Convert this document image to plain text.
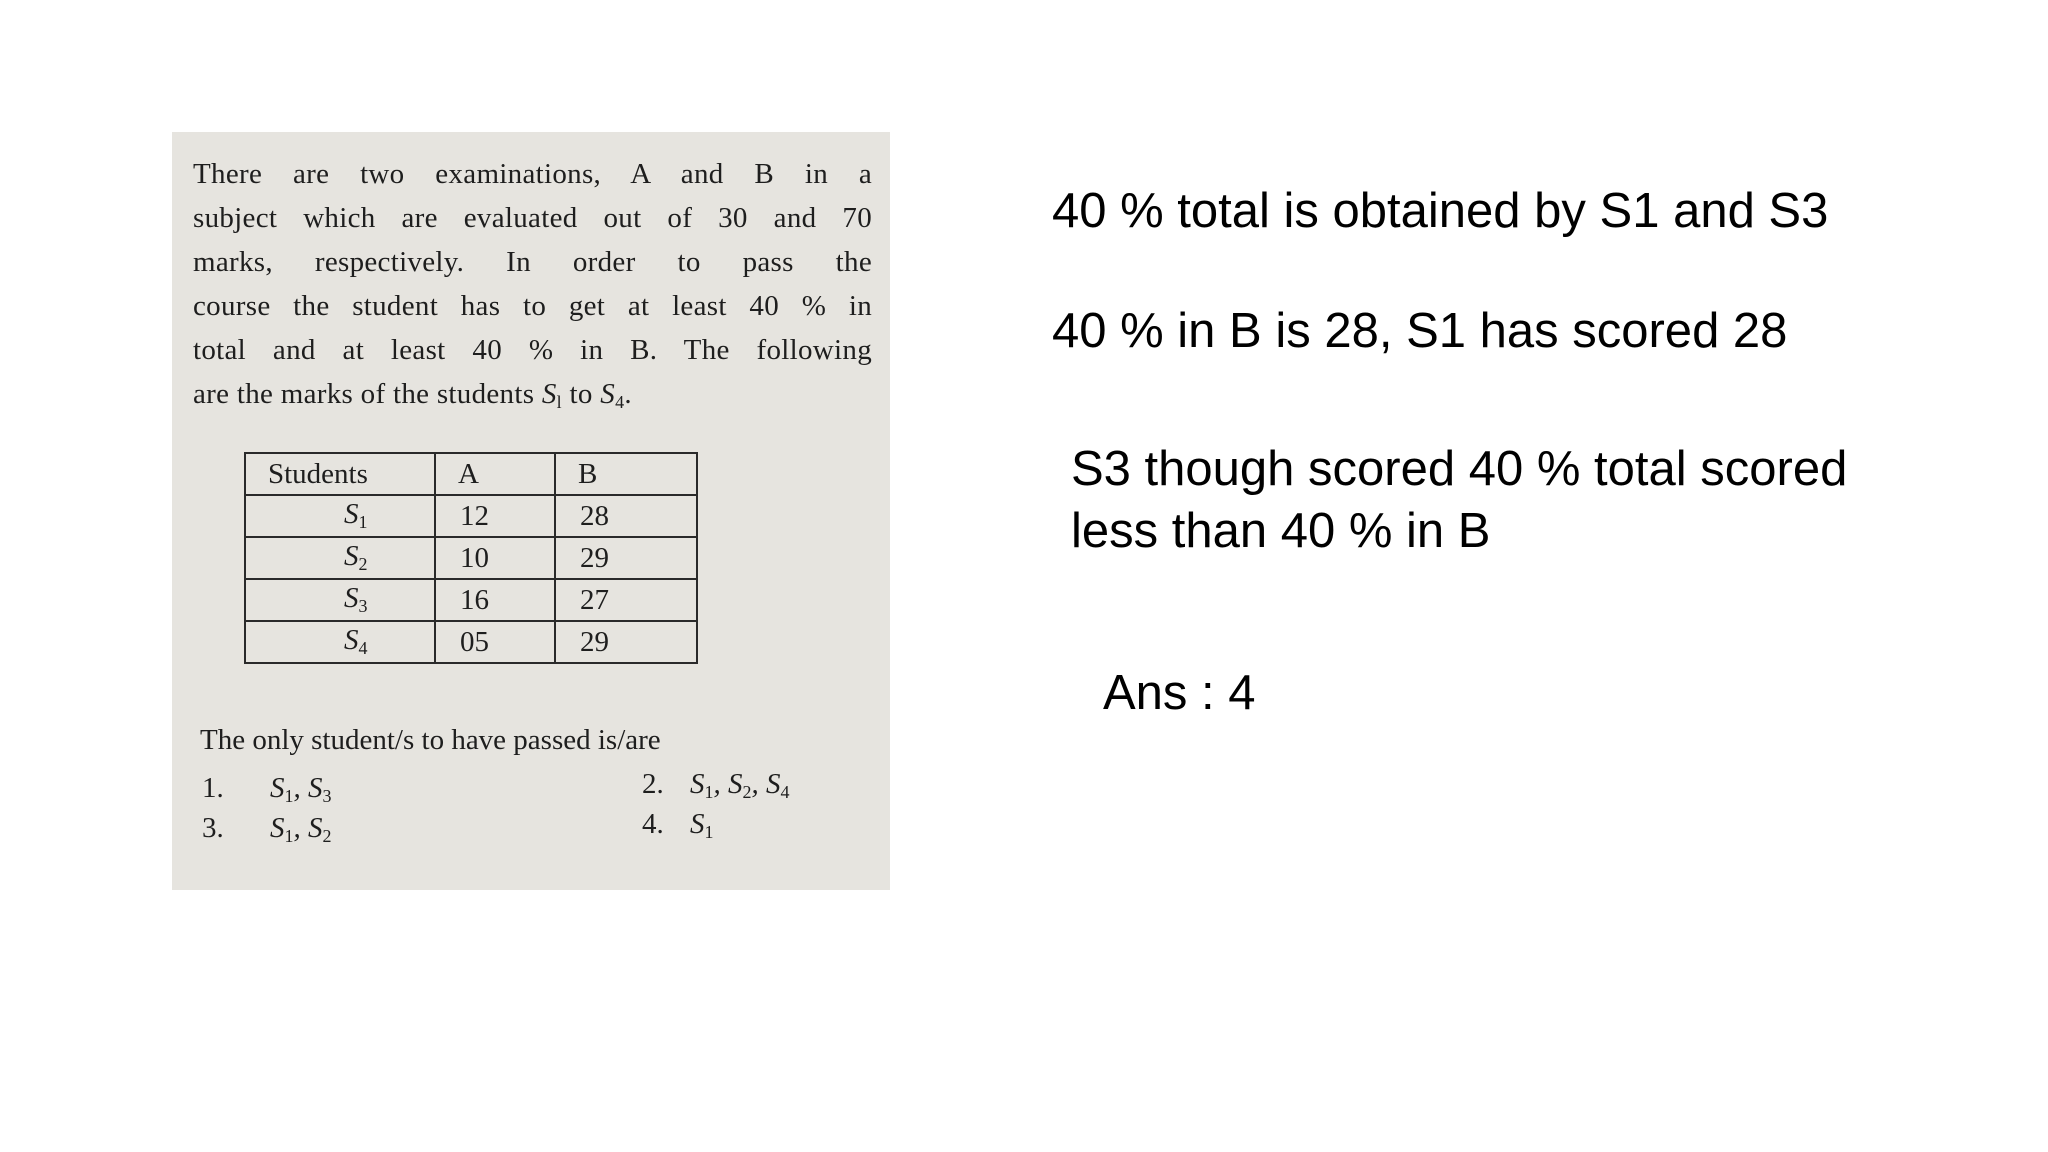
There are two examinations, A and B in a
subject which are evaluated out of 30 and 70
marks, respectively. In order to pass the
course the student has to get at least 40 % in
total and at least 40 % in B. The following
are the marks of the students $S_l$ to $S_4$.

Students	A	B
$S_1$	12	28
$S_2$	10	29
$S_3$	16	27
$S_4$	05	29

The only student/s to have passed is/are

1. $S_1$, $S_3$	2. $S_1$, $S_2$, $S_4$
3. $S_1$, $S_2$	4. $S_1$

40 % total is obtained by S1 and S3

40 % in B is 28, S1 has scored 28

S3 though scored 40 % total scored
less than 40 % in B

Ans : 4
